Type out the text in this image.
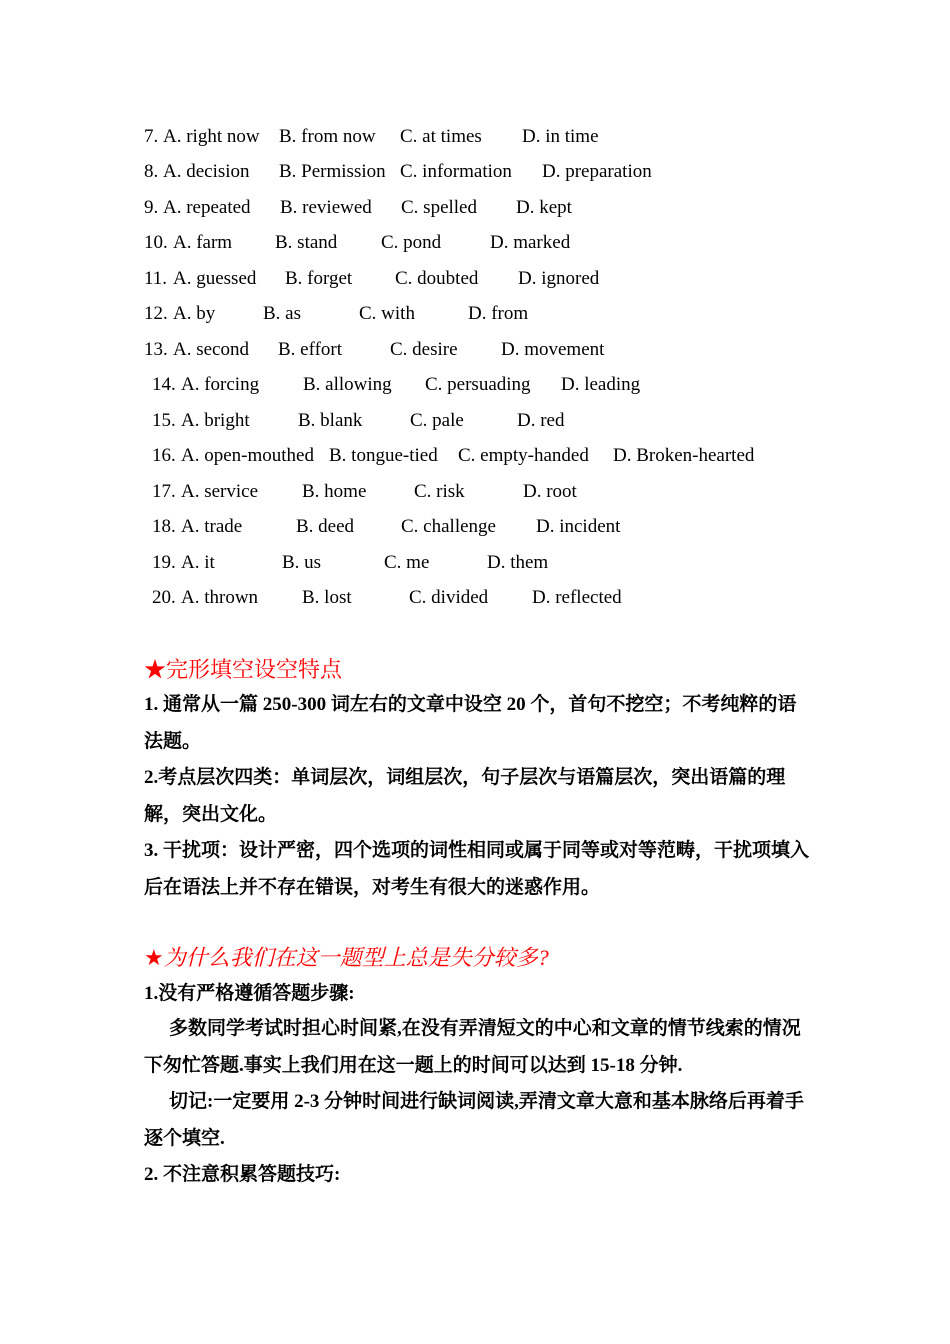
7. A. right now B. from now C. at times D. in time
8. A. decision B. Permission C. information D. preparation
9. A. repeated B. reviewed C. spelled D. kept
10. A. farm B. stand C. pond	D. marked
11. A. guessed B. forget C. doubted D. ignored
12. A. by	B. as	C. with	D. from
13. A. second B. effort	C. desire D. movement
14. A. forcing B. allowing C. persuading D. leading
15. A. bright	B. blank	C. pale	D. red
16. A. open-mouthed B. tongue-tied C. empty-handed D. Broken-hearted
17. A. service B. home	C. risk	D. root
18. A. trade	B. deed C. challenge D. incident
19. A. it	B. us	C. me	D. them
20. A. thrown B. lost	C. divided D. reflected
★完形填空设空特点

1. 通常从一篇 250-300 词左右的文章中设空 20 个，首句不挖空；不考纯粹的语法题。

2.考点层次四类：单词层次，词组层次，句子层次与语篇层次，突出语篇的理解，突出文化。

3. 干扰项：设计严密，四个选项的词性相同或属于同等或对等范畴，干扰项填入后在语法上并不存在错误，对考生有很大的迷惑作用。

★为什么我们在这一题型上总是失分较多?

1.没有严格遵循答题步骤:

多数同学考试时担心时间紧,在没有弄清短文的中心和文章的情节线索的情况下匆忙答题.事实上我们用在这一题上的时间可以达到 15-18 分钟.

切记:一定要用 2-3 分钟时间进行缺词阅读,弄清文章大意和基本脉络后再着手逐个填空.

2. 不注意积累答题技巧:
